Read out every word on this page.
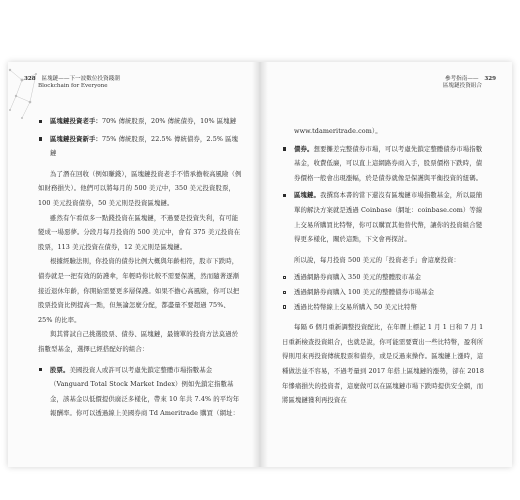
328 區塊鏈——下一波數位投資錢潮
Blockchain for Everyone
區塊鏈投資老手：70% 傳統股票，20% 傳統債券，10% 區塊鏈
區塊鏈投資新手：75% 傳統股票，22.5% 傳統債券，2.5% 區塊鏈

為了潛在回收（例如賺錢），區塊鏈投資老手不惜承擔較高風險（例如財務損失）。他們可以將每月的 500 美元中，350 美元投資股票，100 美元投資債券，50 美元則是投資區塊鏈。

雖然有乍看似多一點錢投資在區塊鏈，不過要是投資失利，有可能變成一場惡夢。分段月每月投資的 500 美元中，會有 375 美元投資在股票，113 美元投資在債券，12 美元則是區塊鏈。

根據經驗法則，你投資的債券比例大概與年齡相符，股市下跌時，債券就是一把有效的防護傘，年輕時你比較不需要保護，然而隨著逐漸接近退休年齡，你開始需要更多層保護。如果不擔心高風險，你可以把股票投資比例提高一點，但無論怎麼分配，都盡量不要超過 75%、25% 的比率。

與其嘗試自己挑選股票、債券、區塊鏈，最簡單的投資方法莫過於指數型基金，選擇已經搭配好的組合：

股票。美國投資人或許可以考慮先鎖定整體市場指數基金（Vanguard Total Stock Market Index）例如先鎖定指數基金，該基金以低價提供廣泛多樣化，帶來 10 年共 7.4% 的平均年報酬率。你可以透過線上美國券商 Td Ameritrade 購買（網址：
參考指南—— 329
區塊鏈投資組合
www.tdameritrade.com）。
債券。想要攤差完整債券市場，可以考慮先鎖定整體債券市場指數基金，收費低廉，可以直上這網路券商入手，股票價格下跌時，債券價格一般會出現漲幅，於是債券就像是保護與平衡投資的紐碼。
區塊鏈。我撰寫本書的當下還沒有區塊鏈市場指數基金，所以最簡單的解決方案就是透過 Coinbase（網址：coinbase.com）等線上交易所購買比特幣，你可以購買其他替代幣，讓你的投資組合變得更多樣化，關於這點，下文會再探討。

所以說，每月投資 500 美元的「投資老手」會這麼投資：

透過網路券商購入 350 美元的整體股市基金
透過網路券商購入 100 美元的整體債券市場基金
透過比特幣線上交易所購入 50 美元比特幣

每隔 6 個月重新調整投資配比，在年曆上標記 1 月 1 日和 7 月 1 日重新檢查投資組合，也就是說，你可能需要賣出一些比特幣，盈利所得則用來再投資傳統股票和債券，或是反過來操作。區塊鏈上漲時，這種做法並不容易，不過考量到 2017 年搭上區塊鏈的漲勢，卻在 2018 年慘痛損失的投資者，這麼做可以在區塊鏈市場下跌時提供安全網，而將區塊鏈獲利再投資在
